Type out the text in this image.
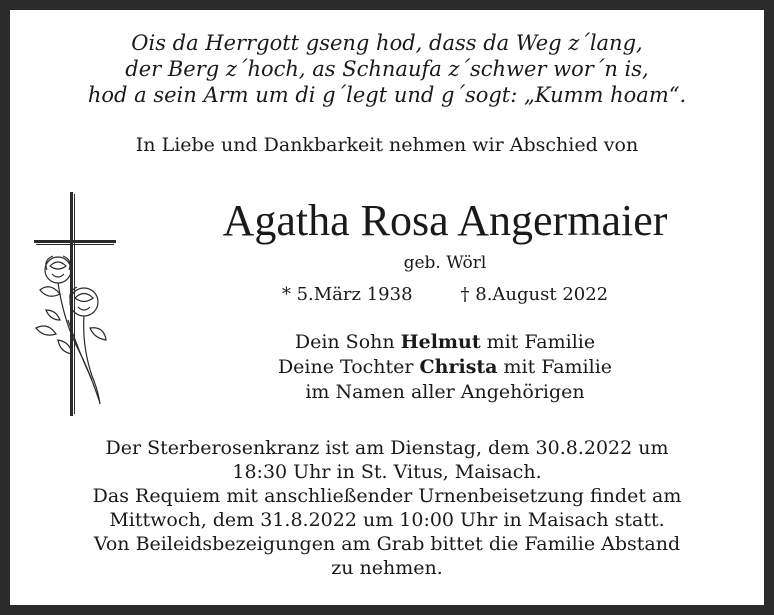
Ois da Herrgott gseng hod, dass da Weg z´lang,
der Berg z´hoch, as Schnaufa z´schwer wor´n is,
hod a sein Arm um di g´legt und g´sogt: „Kumm hoam“.
In Liebe und Dankbarkeit nehmen wir Abschied von
Agatha Rosa Angermaier
geb. Wörl
* 5.März 1938	† 8.August 2022
Dein Sohn Helmut mit Familie
Deine Tochter Christa mit Familie
im Namen aller Angehörigen
Der Sterberosenkranz ist am Dienstag, dem 30.8.2022 um
18:30 Uhr in St. Vitus, Maisach.
Das Requiem mit anschließender Urnenbeisetzung findet am
Mittwoch, dem 31.8.2022 um 10:00 Uhr in Maisach statt.
Von Beileidsbezeigungen am Grab bittet die Familie Abstand
zu nehmen.
